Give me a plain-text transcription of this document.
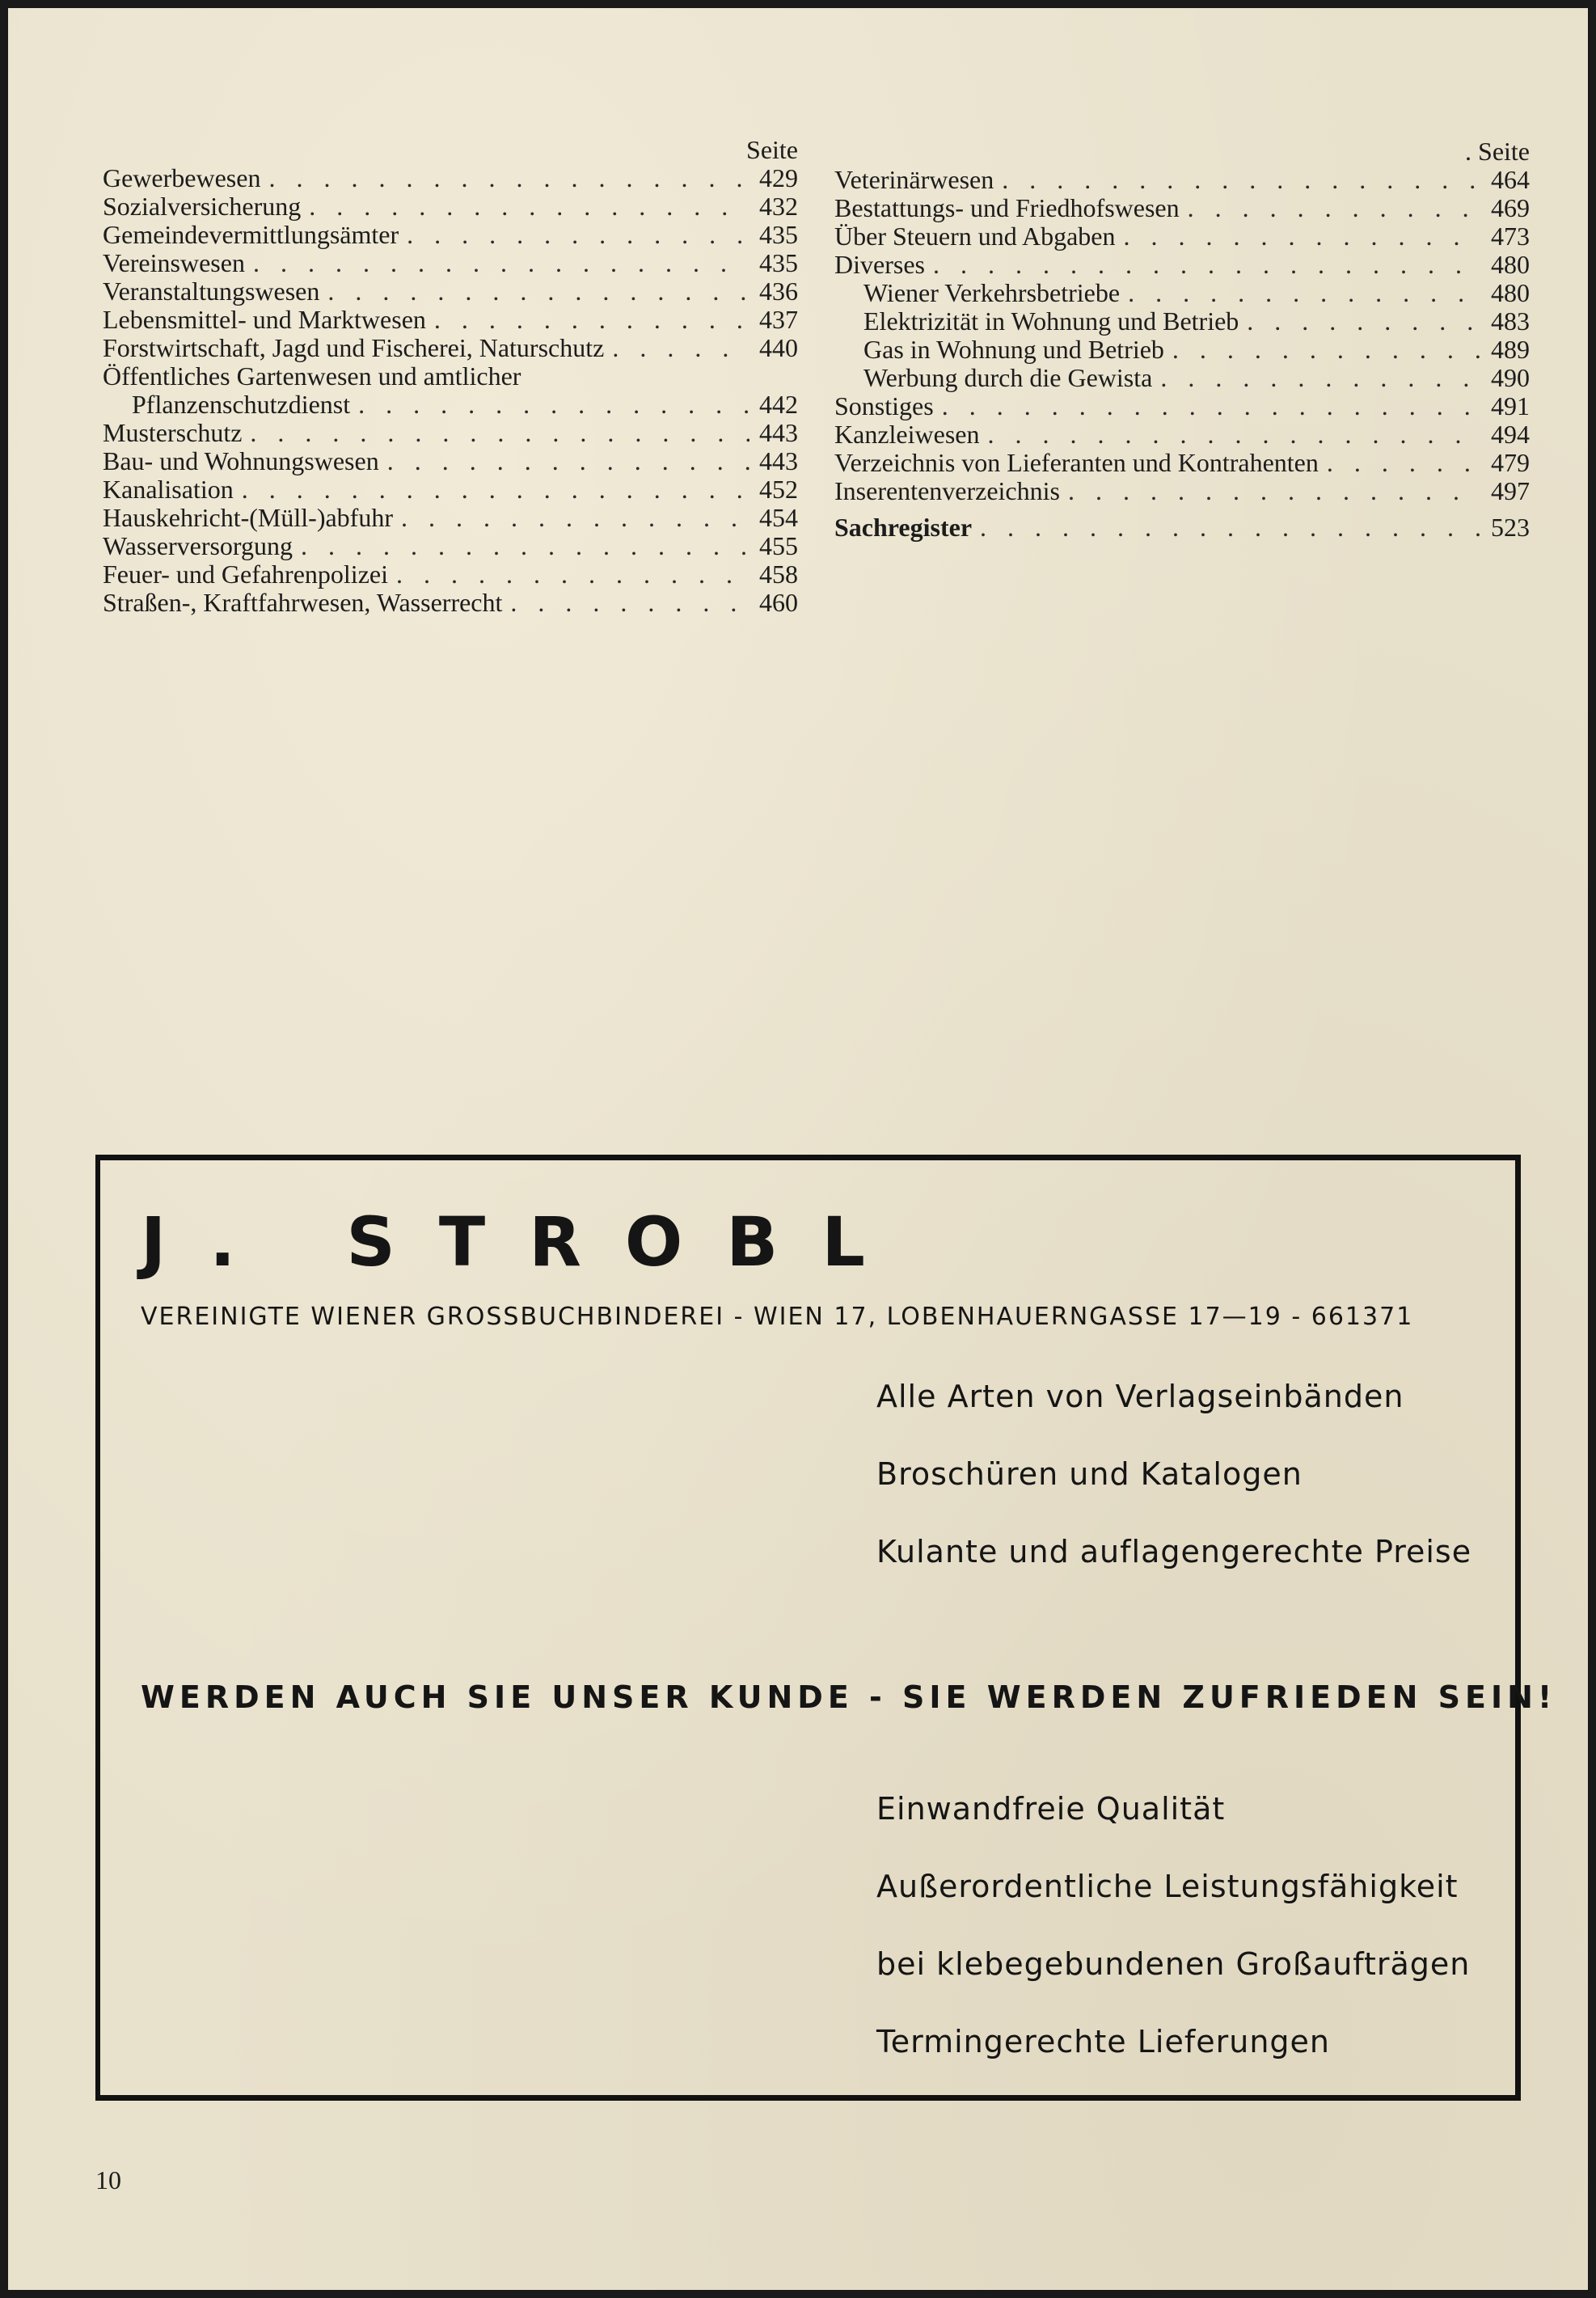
Seite
Gewerbewesen . . .	429
Sozialversicherung . . .	432
Gemeindevermittlungsämter . . .	435
Vereinswesen . . .	435
Veranstaltungswesen . . .	436
Lebensmittel- und Marktwesen . . .	437
Forstwirtschaft, Jagd und Fischerei, Naturschutz . . .	440
Öffentliches Gartenwesen und amtlicher
Pflanzenschutzdienst . . .	442
Musterschutz . . .	443
Bau- und Wohnungswesen . . .	443
Kanalisation . . .	452
Hauskehricht-(Müll-)abfuhr . . .	454
Wasserversorgung . . .	455
Feuer- und Gefahrenpolizei . . .	458
Straßen-, Kraftfahrwesen, Wasserrecht . . .	460
. Seite
Veterinärwesen . . .	464
Bestattungs- und Friedhofswesen . . .	469
Über Steuern und Abgaben . . .	473
Diverses . . .	480
Wiener Verkehrsbetriebe . . .	480
Elektrizität in Wohnung und Betrieb . . .	483
Gas in Wohnung und Betrieb . . .	489
Werbung durch die Gewista . . .	490
Sonstiges . . .	491
Kanzleiwesen . . .	494
Verzeichnis von Lieferanten und Kontrahenten . . .	479
Inserentenverzeichnis . . .	497
Sachregister . . .	523
J. STROBL
VEREINIGTE WIENER GROSSBUCHBINDEREI - WIEN 17, LOBENHAUERNGASSE 17—19 - 661371
Alle Arten von Verlagseinbänden
Broschüren und Katalogen
Kulante und auflagengerechte Preise
WERDEN AUCH SIE UNSER KUNDE - SIE WERDEN ZUFRIEDEN SEIN!
Einwandfreie Qualität
Außerordentliche Leistungsfähigkeit
bei klebegebundenen Großaufträgen
Termingerechte Lieferungen
10
